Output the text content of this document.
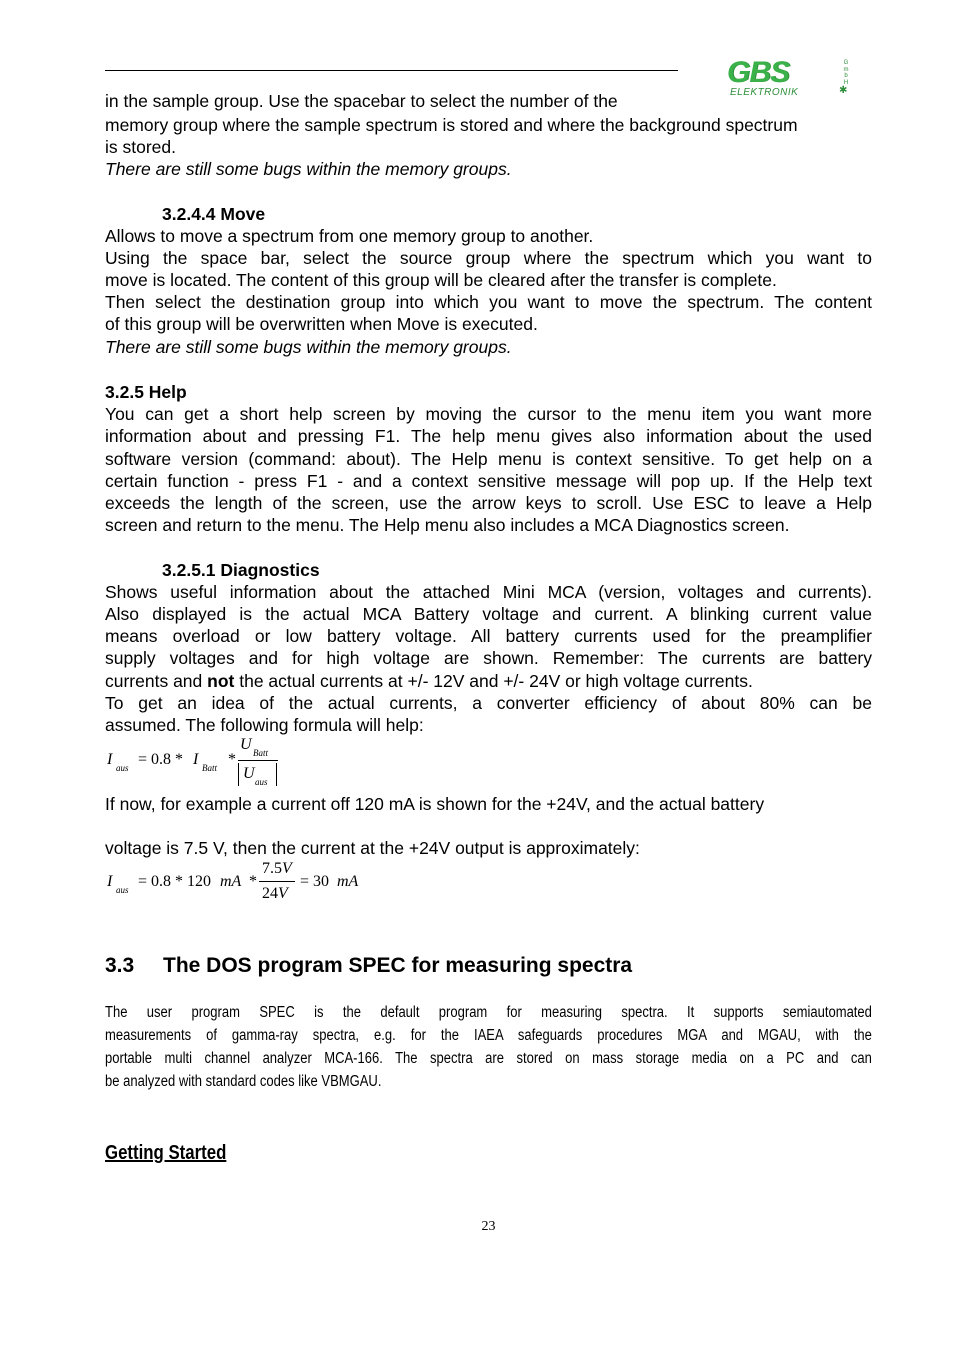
GBS
ELEKTRONIK
G
m
b
H
✱
in the sample group. Use the spacebar to select the number of the
memory group where the sample spectrum is stored and where the background spectrum
is stored.
There are still some bugs within the memory groups.
3.2.4.4 Move
Allows to move a spectrum from one memory group to another.
Using the space bar, select the source group where the spectrum which you want to
move is located. The content of this group will be cleared after the transfer is complete.
Then select the destination group into which you want to move the spectrum. The content
of this group will be overwritten when Move is executed.
There are still some bugs within the memory groups.
3.2.5 Help
You can get a short help screen by moving the cursor to the menu item you want more
information about and pressing F1. The help menu gives also information about the used
software version (command: about). The Help menu is context sensitive. To get help on a
certain function - press F1 - and a context sensitive message will pop up. If the Help text
exceeds the length of the screen, use the arrow keys to scroll. Use ESC to leave a Help
screen and return to the menu. The Help menu also includes a MCA Diagnostics screen.
3.2.5.1 Diagnostics
Shows useful information about the attached Mini MCA (version, voltages and currents).
Also displayed is the actual MCA Battery voltage and current. A blinking current value
means overload or low battery voltage. All battery currents used for the preamplifier
supply voltages and for high voltage are shown. Remember: The currents are battery
currents and not the actual currents at +/- 12V and +/- 24V or high voltage currents.
To get an idea of the actual currents, a converter efficiency of about 80% can be
assumed. The following formula will help:
I aus = 0.8 * I Batt *
U Batt
U aus
If now, for example a current off 120 mA is shown for the +24V, and the actual battery
voltage is 7.5 V, then the current at the +24V output is approximately:
I aus = 0.8 * 120 mA *
7.5V
24V
= 30 mA
3.3 The DOS program SPEC for measuring spectra
The user program SPEC is the default program for measuring spectra. It supports semiautomated
measurements of gamma-ray spectra, e.g. for the IAEA safeguards procedures MGA and MGAU, with the
portable multi channel analyzer MCA-166. The spectra are stored on mass storage media on a PC and can
be analyzed with standard codes like VBMGAU.
Getting Started
23
